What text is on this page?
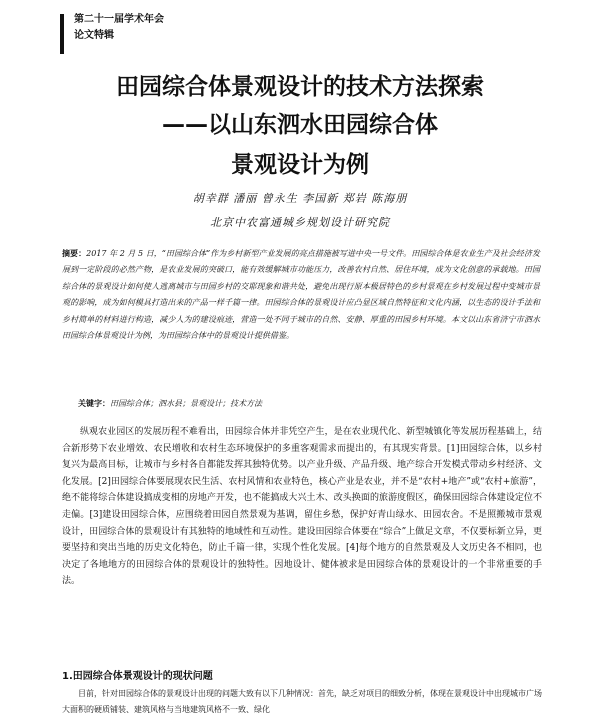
第二十一届学术年会
论文特辑
田园综合体景观设计的技术方法探索
——以山东泗水田园综合体
景观设计为例
胡幸群 潘丽 曾永生 李国新 郑岩 陈海朋
北京中农富通城乡规划设计研究院
摘要：2017 年 2 月 5 日，“田园综合体”作为乡村新型产业发展的亮点措施被写进中央一号文件。田园综合体是农业生产及社会经济发展到一定阶段的必然产物，是农业发展的突破口，能有效缓解城市功能压力，改善农村自然、居住环境，成为文化创意的承载地。田园综合体的景观设计如何使人逃离城市与田园乡村的交耶现象和谐共处，避免出现行原本极居特色的乡村景观在乡村发展过程中变城市景观的影响，成为如何模具打造出来的产品一样千篇一律。田园综合体的景观设计应凸显区域自然特征和文化内涵，以生态的设计手法和乡村简单的材料进行构造，减少人为的建设痕迹，营造一处不同于城市的自然、安静、厚重的田园乡村环境。本文以山东省济宁市泗水田园综合体景观设计为例，为田园综合体中的景观设计提供借鉴。
关键字：田园综合体；泗水县；景观设计；技术方法
纵观农业园区的发展历程不难看出，田园综合体并非凭空产生，是在农业现代化、新型城镇化等发展历程基础上，结合新形势下农业增效、农民增收和农村生态环境保护的多重客观需求而提出的，有其现实背景。[1]田园综合体，以乡村复兴为最高目标，让城市与乡村各自都能发挥其独特优势。以产业升级、产品升级、地产综合开发模式带动乡村经济、文化发展。[2]田园综合体要展现农民生活、农村风情和农业特色，核心产业是农业，并不是“农村+地产”或“农村+旅游”，绝不能将综合体建设搞成变相的房地产开发，也不能搞成大兴土木、改头换面的旅游度假区，确保田园综合体建设定位不走偏。[3]建设田园综合体，应围绕着田园自然景观为基调，留住乡愁，保护好青山绿水、田园农舍。不是照搬城市景观设计，田园综合体的景观设计有其独特的地域性和互动性。建设田园综合体要在“综合”上做足文章，不仅要标新立异，更要坚持和突出当地的历史文化特色，防止千篇一律，实现个性化发展。[4]每个地方的自然景观及人文历史各不相同，也决定了各地地方的田园综合体的景观设计的独特性。因地设计、健体被求是田园综合体的景观设计的一个非常重要的手法。
1.田园综合体景观设计的现状问题
目前，针对田园综合体的景观设计出现的问题大致有以下几种情况：首先，缺乏对项目的细致分析，体现在景观设计中出现城市广场大面积的硬质铺装、建筑风格与当地建筑风格不一致、绿化
